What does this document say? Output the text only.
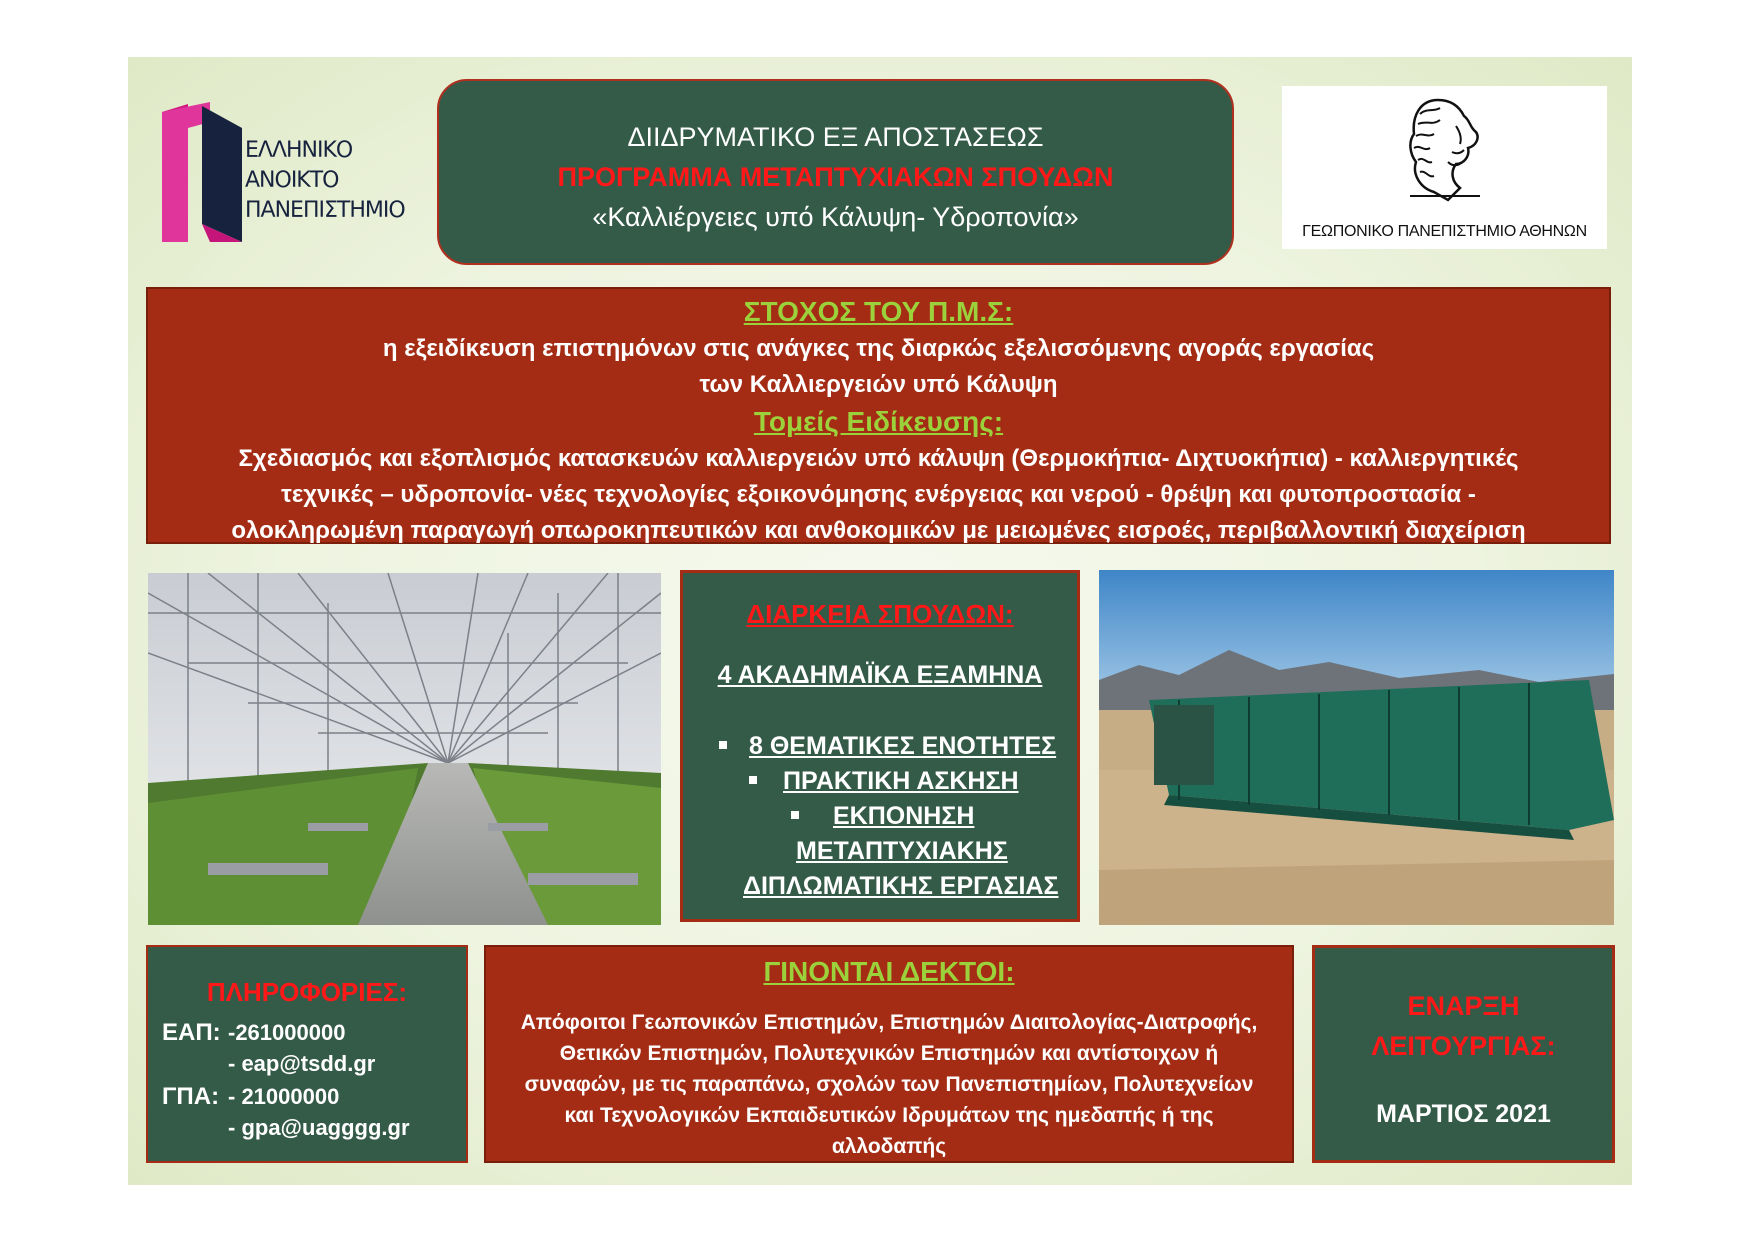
ΕΛΛΗΝΙΚΟ
ΑΝΟΙΚΤΟ
ΠΑΝΕΠΙΣΤΗΜΙΟ
ΔΙΙΔΡΥΜΑΤΙΚΟ ΕΞ ΑΠΟΣΤΑΣΕΩΣ
ΠΡΟΓΡΑΜΜΑ ΜΕΤΑΠΤΥΧΙΑΚΩΝ ΣΠΟΥΔΩΝ
«Καλλιέργειες υπό Κάλυψη- Υδροπονία»	ΓΕΩΠΟΝΙΚΟ ΠΑΝΕΠΙΣΤΗΜΙΟ ΑΘΗΝΩΝ
ΣΤΟΧΟΣ ΤΟΥ Π.Μ.Σ:
η εξειδίκευση επιστημόνων στις ανάγκες της διαρκώς εξελισσόμενης αγοράς εργασίας
των Καλλιεργειών υπό Κάλυψη
Τομείς Ειδίκευσης:
Σχεδιασμός και εξοπλισμός κατασκευών καλλιεργειών υπό κάλυψη (Θερμοκήπια- Διχτυοκήπια) - καλλιεργητικές
τεχνικές – υδροπονία- νέες τεχνολογίες εξοικονόμησης ενέργειας και νερού - θρέψη και φυτοπροστασία -
ολοκληρωμένη παραγωγή οπωροκηπευτικών και ανθοκομικών με μειωμένες εισροές, περιβαλλοντική διαχείριση
ΔΙΑΡΚΕΙΑ ΣΠΟΥΔΩΝ:
4 ΑΚΑΔΗΜΑΪΚΑ ΕΞΑΜΗΝΑ
8 ΘΕΜΑΤΙΚΕΣ ΕΝΟΤΗΤΕΣ
ΠΡΑΚΤΙΚΗ ΑΣΚΗΣΗ
ΕΚΠΟΝΗΣΗ
ΜΕΤΑΠΤΥΧΙΑΚΗΣ
ΔΙΠΛΩΜΑΤΙΚΗΣ ΕΡΓΑΣΙΑΣ
ΠΛΗΡΟΦΟΡΙΕΣ:
ΕΑΠ: -261000000
- eap@tsdd.gr
ΓΠΑ: - 21000000
- gpa@uagggg.gr
ΓΙΝΟΝΤΑΙ ΔΕΚΤΟΙ:
Απόφοιτοι Γεωπονικών Επιστημών, Επιστημών Διαιτολογίας-Διατροφής,
Θετικών Επιστημών, Πολυτεχνικών Επιστημών και αντίστοιχων ή
συναφών, με τις παραπάνω, σχολών των Πανεπιστημίων, Πολυτεχνείων
και Τεχνολογικών Εκπαιδευτικών Ιδρυμάτων της ημεδαπής ή της
αλλοδαπής
ΕΝΑΡΞΗ
ΛΕΙΤΟΥΡΓΙΑΣ:
ΜΑΡΤΙΟΣ 2021
